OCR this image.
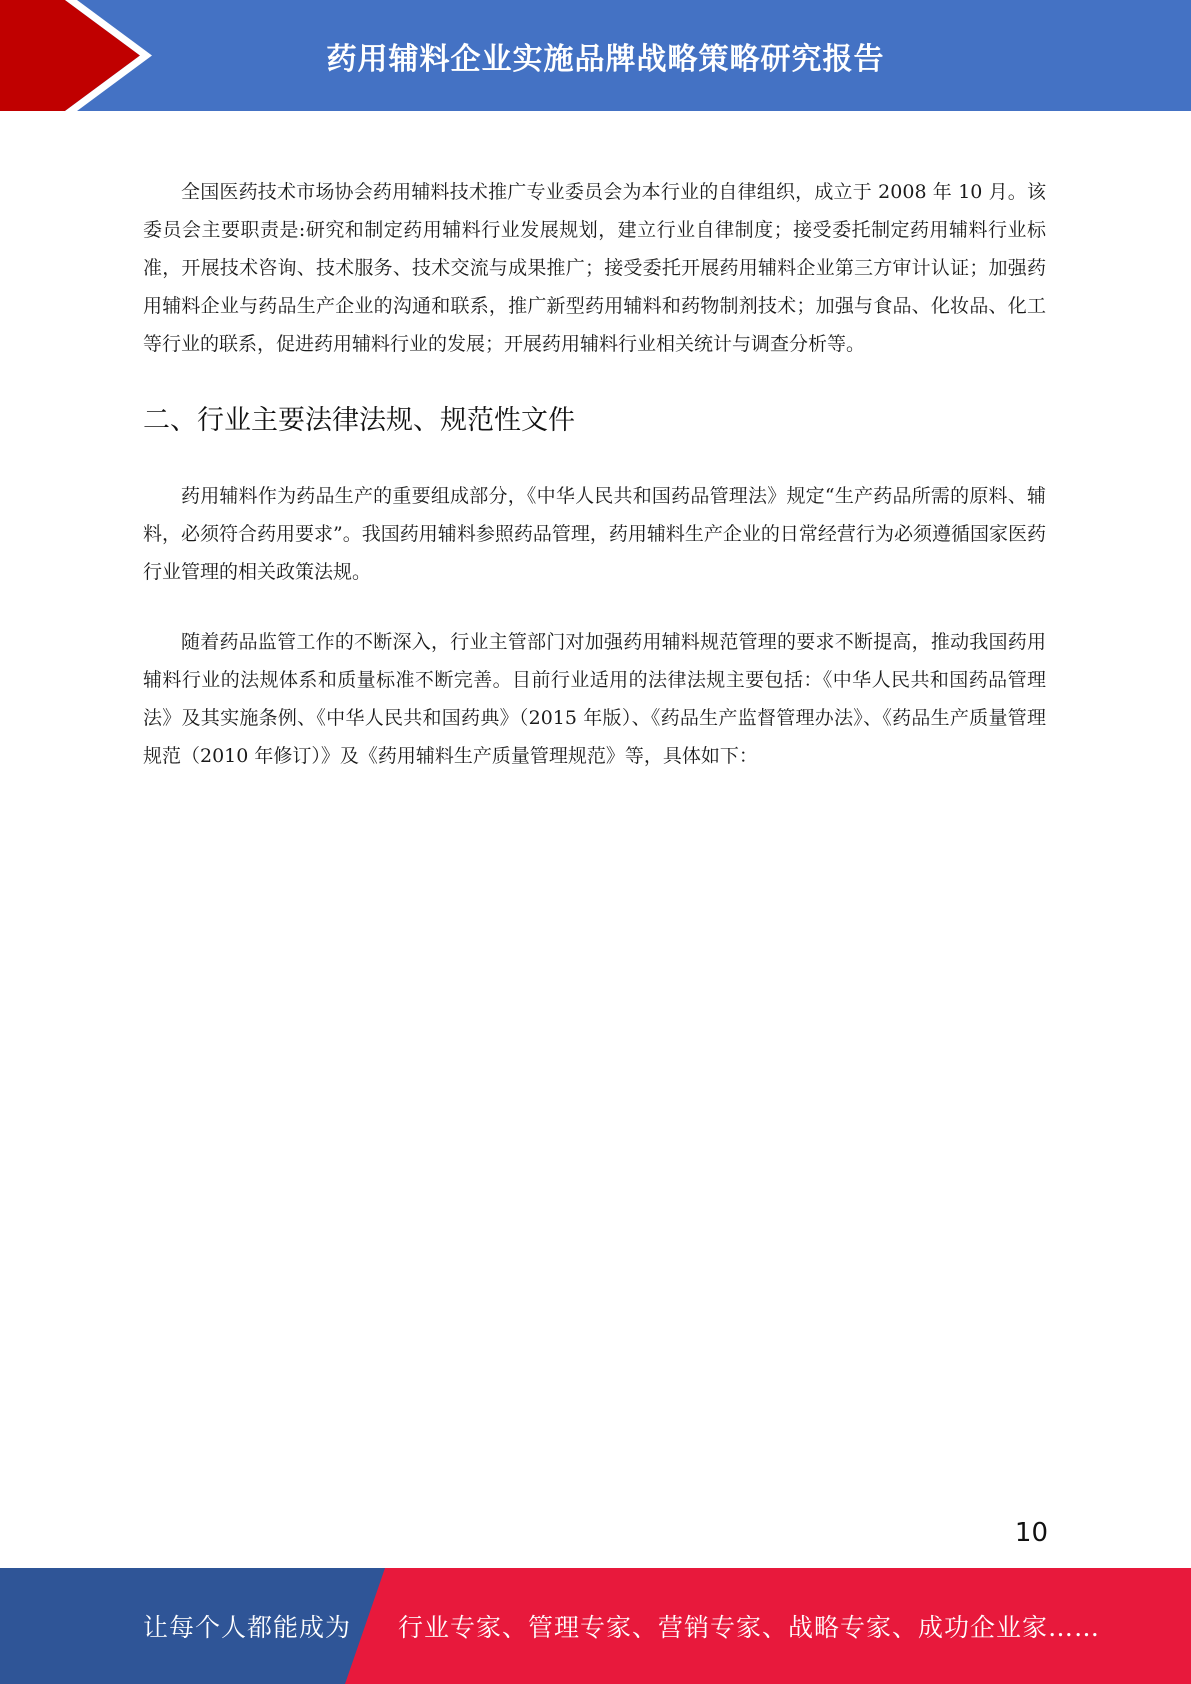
药用辅料企业实施品牌战略策略研究报告

全国医药技术市场协会药用辅料技术推广专业委员会为本行业的自律组织，成立于 2008 年 10 月。该委员会主要职责是:研究和制定药用辅料行业发展规划，建立行业自律制度；接受委托制定药用辅料行业标准，开展技术咨询、技术服务、技术交流与成果推广；接受委托开展药用辅料企业第三方审计认证；加强药用辅料企业与药品生产企业的沟通和联系，推广新型药用辅料和药物制剂技术；加强与食品、化妆品、化工等行业的联系，促进药用辅料行业的发展；开展药用辅料行业相关统计与调查分析等。

二、行业主要法律法规、规范性文件

药用辅料作为药品生产的重要组成部分，《中华人民共和国药品管理法》规定“生产药品所需的原料、辅料，必须符合药用要求”。我国药用辅料参照药品管理，药用辅料生产企业的日常经营行为必须遵循国家医药行业管理的相关政策法规。

随着药品监管工作的不断深入，行业主管部门对加强药用辅料规范管理的要求不断提高，推动我国药用辅料行业的法规体系和质量标准不断完善。目前行业适用的法律法规主要包括：《中华人民共和国药品管理法》及其实施条例、《中华人民共和国药典》（2015 年版）、《药品生产监督管理办法》、《药品生产质量管理规范（2010 年修订）》及《药用辅料生产质量管理规范》等，具体如下：

10
让每个人都能成为 行业专家、管理专家、营销专家、战略专家、成功企业家……
